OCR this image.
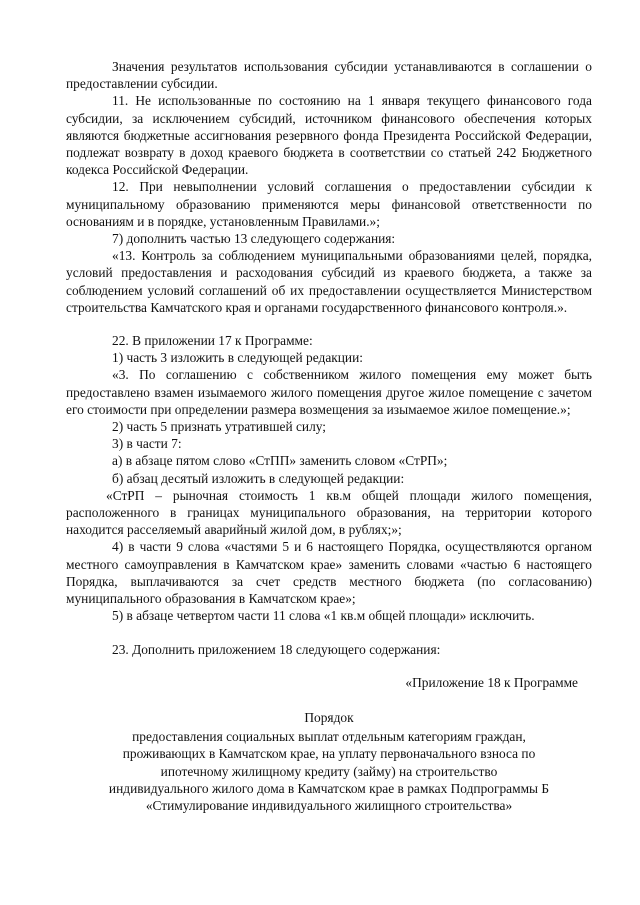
Значения результатов использования субсидии устанавливаются в соглашении о предоставлении субсидии.

11. Не использованные по состоянию на 1 января текущего финансового года субсидии, за исключением субсидий, источником финансового обеспечения которых являются бюджетные ассигнования резервного фонда Президента Российской Федерации, подлежат возврату в доход краевого бюджета в соответствии со статьей 242 Бюджетного кодекса Российской Федерации.

12. При невыполнении условий соглашения о предоставлении субсидии к муниципальному образованию применяются меры финансовой ответственности по основаниям и в порядке, установленным Правилами.»;

7) дополнить частью 13 следующего содержания:

«13. Контроль за соблюдением муниципальными образованиями целей, порядка, условий предоставления и расходования субсидий из краевого бюджета, а также за соблюдением условий соглашений об их предоставлении осуществляется Министерством строительства Камчатского края и органами государственного финансового контроля.».

22. В приложении 17 к Программе:

1) часть 3 изложить в следующей редакции:

«3. По соглашению с собственником жилого помещения ему может быть предоставлено взамен изымаемого жилого помещения другое жилое помещение с зачетом его стоимости при определении размера возмещения за изымаемое жилое помещение.»;

2) часть 5 признать утратившей силу;

3) в части 7:

а) в абзаце пятом слово «СтПП» заменить словом «СтРП»;

б) абзац десятый изложить в следующей редакции:

«СтРП – рыночная стоимость 1 кв.м общей площади жилого помещения, расположенного в границах муниципального образования, на территории которого находится расселяемый аварийный жилой дом, в рублях;»;

4) в части 9 слова «частями 5 и 6 настоящего Порядка, осуществляются органом местного самоуправления в Камчатском крае» заменить словами «частью 6 настоящего Порядка, выплачиваются за счет средств местного бюджета (по согласованию) муниципального образования в Камчатском крае»;

5) в абзаце четвертом части 11 слова «1 кв.м общей площади» исключить.

23. Дополнить приложением 18 следующего содержания:

«Приложение 18 к Программе

Порядок
предоставления социальных выплат отдельным категориям граждан,
проживающих в Камчатском крае, на уплату первоначального взноса по
ипотечному жилищному кредиту (займу) на строительство
индивидуального жилого дома в Камчатском крае в рамках Подпрограммы Б
«Стимулирование индивидуального жилищного строительства»
